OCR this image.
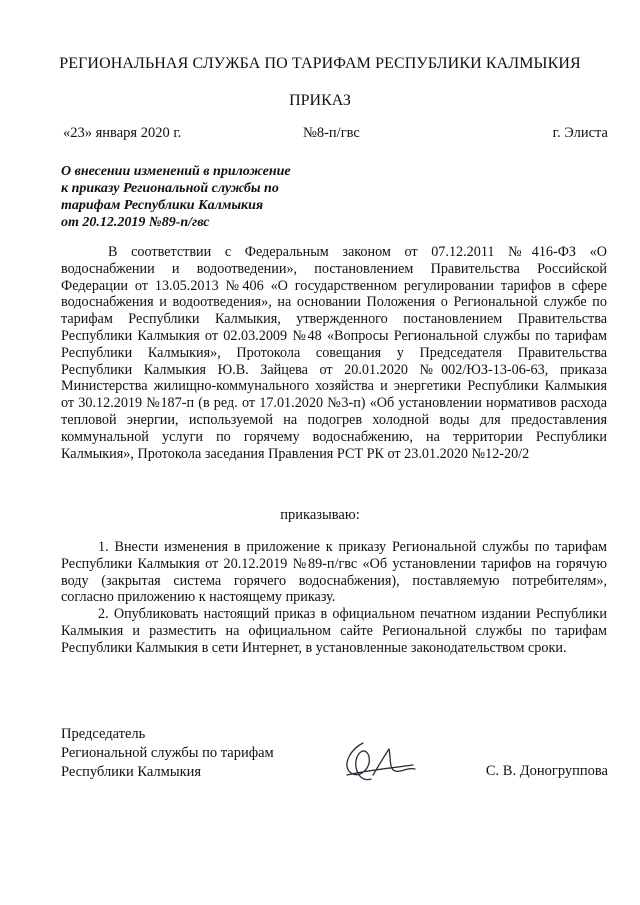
РЕГИОНАЛЬНАЯ СЛУЖБА ПО ТАРИФАМ РЕСПУБЛИКИ КАЛМЫКИЯ
ПРИКАЗ
«23» января 2020 г.	№8-п/гвс	г. Элиста
О внесении изменений в приложение
к приказу Региональной службы по
тарифам Республики Калмыкия
от 20.12.2019 №89-п/гвс

В соответствии с Федеральным законом от 07.12.2011 №416-ФЗ «О водоснабжении и водоотведении», постановлением Правительства Российской Федерации от 13.05.2013 №406 «О государственном регулировании тарифов в сфере водоснабжения и водоотведения», на основании Положения о Региональной службе по тарифам Республики Калмыкия, утвержденного постановлением Правительства Республики Калмыкия от 02.03.2009 №48 «Вопросы Региональной службы по тарифам Республики Калмыкия», Протокола совещания у Председателя Правительства Республики Калмыкия Ю.В. Зайцева от 20.01.2020 №002/ЮЗ-13-06-63, приказа Министерства жилищно-коммунального хозяйства и энергетики Республики Калмыкия от 30.12.2019 №187-п (в ред. от 17.01.2020 №3-п) «Об установлении нормативов расхода тепловой энергии, используемой на подогрев холодной воды для предоставления коммунальной услуги по горячему водоснабжению, на территории Республики Калмыкия», Протокола заседания Правления РСТ РК от 23.01.2020 №12-20/2

приказываю:

1. Внести изменения в приложение к приказу Региональной службы по тарифам Республики Калмыкия от 20.12.2019 №89-п/гвс «Об установлении тарифов на горячую воду (закрытая система горячего водоснабжения), поставляемую потребителям», согласно приложению к настоящему приказу.

2. Опубликовать настоящий приказ в официальном печатном издании Республики Калмыкия и разместить на официальном сайте Региональной службы по тарифам Республики Калмыкия в сети Интернет, в установленные законодательством сроки.

Председатель
Региональной службы по тарифам
Республики Калмыкия	С. В. Доногруппова
